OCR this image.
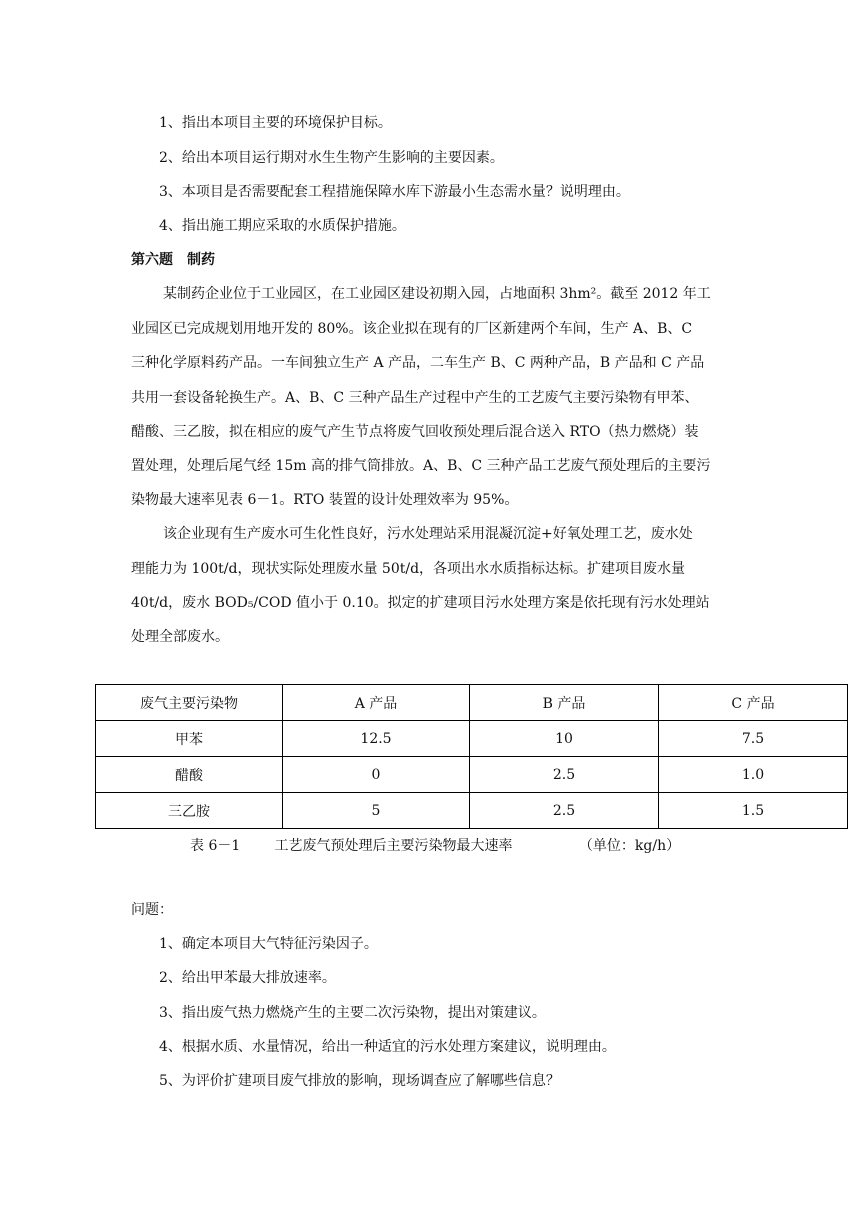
1、指出本项目主要的环境保护目标。
2、给出本项目运行期对水生生物产生影响的主要因素。
3、本项目是否需要配套工程措施保障水库下游最小生态需水量？说明理由。
4、指出施工期应采取的水质保护措施。
第六题　制药
某制药企业位于工业园区，在工业园区建设初期入园，占地面积 3hm²。截至 2012 年工
业园区已完成规划用地开发的 80%。该企业拟在现有的厂区新建两个车间，生产 A、B、C
三种化学原料药产品。一车间独立生产 A 产品，二车生产 B、C 两种产品，B 产品和 C 产品
共用一套设备轮换生产。A、B、C 三种产品生产过程中产生的工艺废气主要污染物有甲苯、
醋酸、三乙胺，拟在相应的废气产生节点将废气回收预处理后混合送入 RTO（热力燃烧）装
置处理，处理后尾气经 15m 高的排气筒排放。A、B、C 三种产品工艺废气预处理后的主要污
染物最大速率见表 6－1。RTO 装置的设计处理效率为 95%。
该企业现有生产废水可生化性良好，污水处理站采用混凝沉淀+好氧处理工艺，废水处
理能力为 100t/d，现状实际处理废水量 50t/d，各项出水水质指标达标。扩建项目废水量
40t/d，废水 BOD₅/COD 值小于 0.10。拟定的扩建项目污水处理方案是依托现有污水处理站
处理全部废水。
废气主要污染物	A 产品	B 产品	C 产品
甲苯	12.5	10	7.5
醋酸	0	2.5	1.0
三乙胺	5	2.5	1.5
表 6－1 工艺废气预处理后主要污染物最大速率	（单位：kg/h）
问题：
1、确定本项目大气特征污染因子。
2、给出甲苯最大排放速率。
3、指出废气热力燃烧产生的主要二次污染物，提出对策建议。
4、根据水质、水量情况，给出一种适宜的污水处理方案建议，说明理由。
5、为评价扩建项目废气排放的影响，现场调查应了解哪些信息？
